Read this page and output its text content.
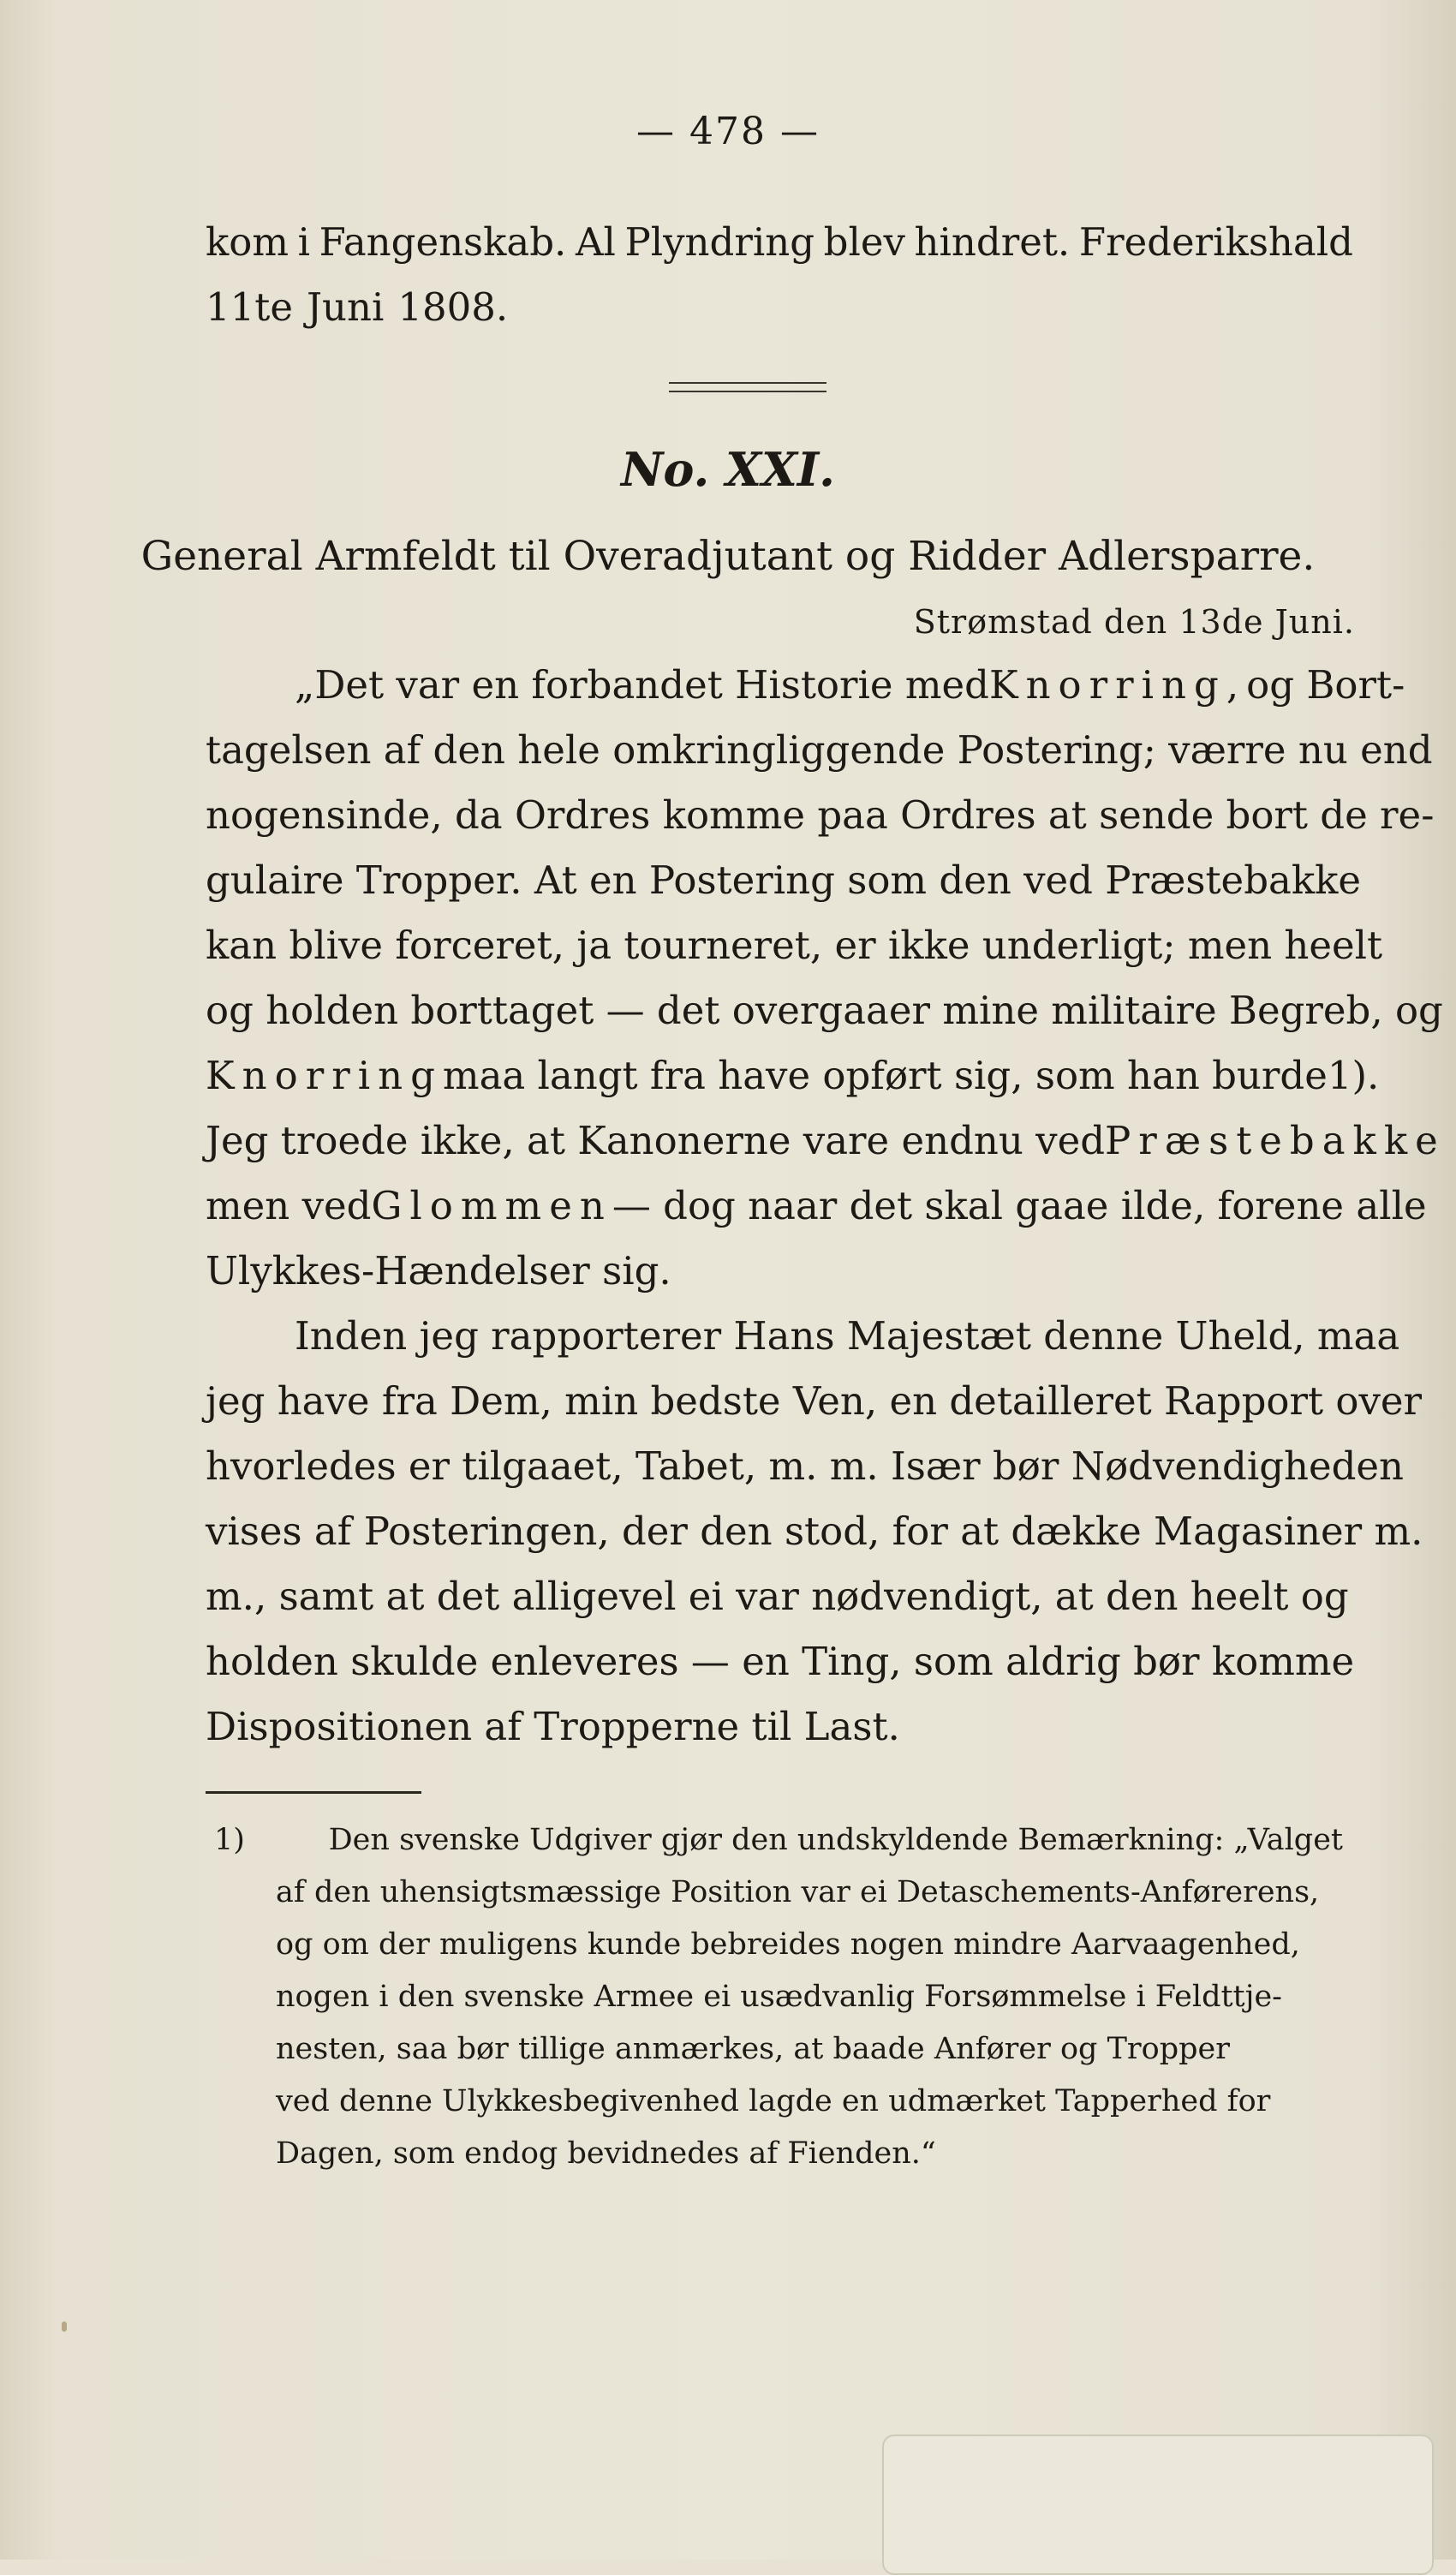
— 478 —
kom i Fangenskab. Al Plyndring blev hindret. Frederikshald
11te Juni 1808.
No. XXI.
General Armfeldt til Overadjutant og Ridder Adlersparre.
Strømstad den 13de Juni.
„Det var en forbandet Historie med Knorring, og Bort-
tagelsen af den hele omkringliggende Postering; værre nu end
nogensinde, da Ordres komme paa Ordres at sende bort de re-
gulaire Tropper. At en Postering som den ved Præstebakke
kan blive forceret, ja tourneret, er ikke underligt; men heelt
og holden borttaget — det overgaaer mine militaire Begreb, og
Knorring maa langt fra have opført sig, som han burde 1).
Jeg troede ikke, at Kanonerne vare endnu ved Præstebakke
men ved Glommen — dog naar det skal gaae ilde, forene alle
Ulykkes-Hændelser sig.
Inden jeg rapporterer Hans Majestæt denne Uheld, maa
jeg have fra Dem, min bedste Ven, en detailleret Rapport over
hvorledes er tilgaaet, Tabet, m. m. Især bør Nødvendigheden
vises af Posteringen, der den stod, for at dække Magasiner m.
m., samt at det alligevel ei var nødvendigt, at den heelt og
holden skulde enleveres — en Ting, som aldrig bør komme
Dispositionen af Tropperne til Last.
1)	Den svenske Udgiver gjør den undskyldende Bemærkning: „Valget
af den uhensigtsmæssige Position var ei Detaschements-Anførerens,
og om der muligens kunde bebreides nogen mindre Aarvaagenhed,
nogen i den svenske Armee ei usædvanlig Forsømmelse i Feldttje-
nesten, saa bør tillige anmærkes, at baade Anfører og Tropper
ved denne Ulykkesbegivenhed lagde en udmærket Tapperhed for
Dagen, som endog bevidnedes af Fienden.“
